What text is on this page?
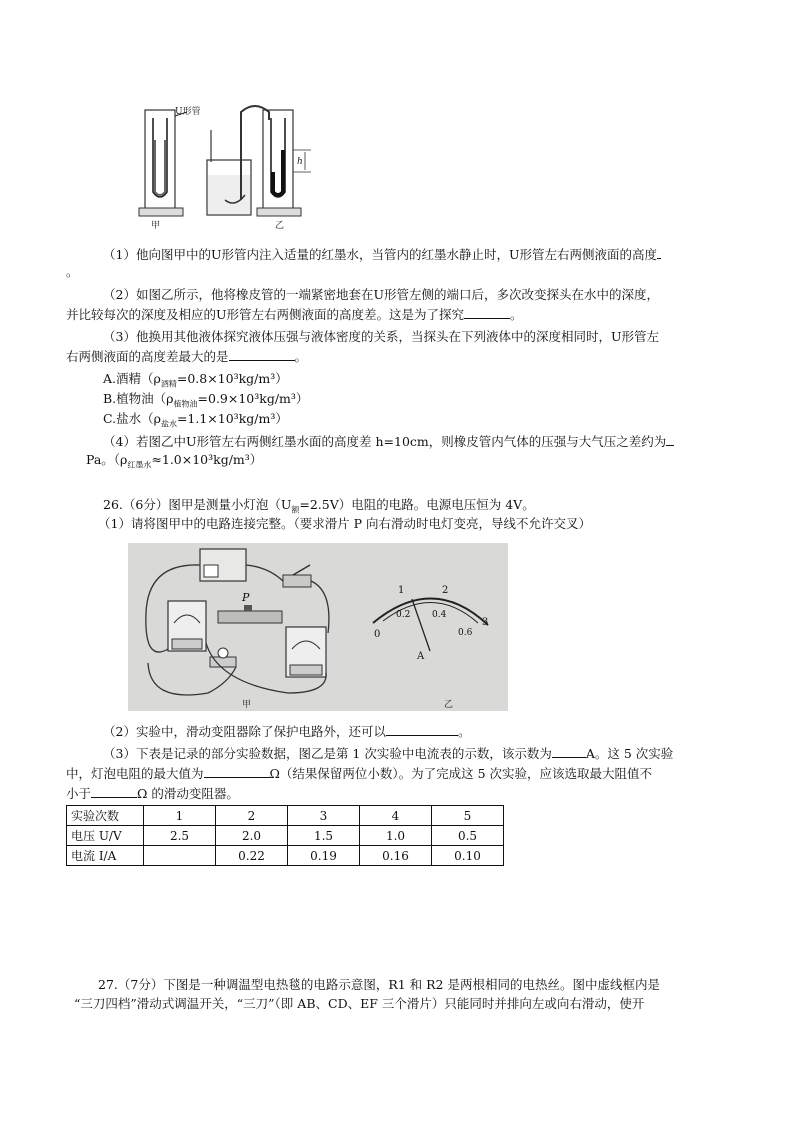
U形管
甲
h
乙
（1）他向图甲中的U形管内注入适量的红墨水，当管内的红墨水静止时，U形管左右两侧液面的高度
。
（2）如图乙所示，他将橡皮管的一端紧密地套在U形管左侧的端口后，多次改变探头在水中的深度，
并比较每次的深度及相应的U形管左右两侧液面的高度差。这是为了探究	。
（3）他换用其他液体探究液体压强与液体密度的关系，当探头在下列液体中的深度相同时，U形管左
右两侧液面的高度差最大的是	。
A.酒精$(\rho_{酒精}=0.8\times 10^3kg/m^3)$
B.植物油$(\rho_{植物油}=0.9\times 10^3kg/m^3)$
C.盐水$(\rho_{盐水}=1.1\times 10^3kg/m^3)$
（4）若图乙中U形管左右两侧红墨水面的高度差 h=10cm，则橡皮管内气体的压强与大气压之差约为
Pa。$(\rho_{红墨水}\approx 1.0\times 10^3kg/m^3)$
26.（6分）图甲是测量小灯泡$(U_额=2.5V)$电阻的电路。电源电压恒为 4V。
（1）请将图甲中的电路连接完整。（要求滑片 P 向右滑动时电灯变亮，导线不允许交叉）
P
甲
0
1	2
3
0.2 0.4
0.6
A
乙
（2）实验中，滑动变阻器除了保护电路外，还可以	。
（3）下表是记录的部分实验数据，图乙是第 1 次实验中电流表的示数，该示数为	A。这 5 次实验
中，灯泡电阻的最大值为	Ω（结果保留两位小数）。为了完成这 5 次实验，应该选取最大阻值不
小于	Ω 的滑动变阻器。
实验次数	1	2	3	4	5
电压 U/V	2.5	2.0	1.5	1.0	0.5
电流 I/A		0.22	0.19	0.16	0.10
27.（7分）下图是一种调温型电热毯的电路示意图，R1 和 R2 是两根相同的电热丝。图中虚线框内是
“三刀四档”滑动式调温开关，“三刀”（即 AB、CD、EF 三个滑片）只能同时并排向左或向右滑动，使开
